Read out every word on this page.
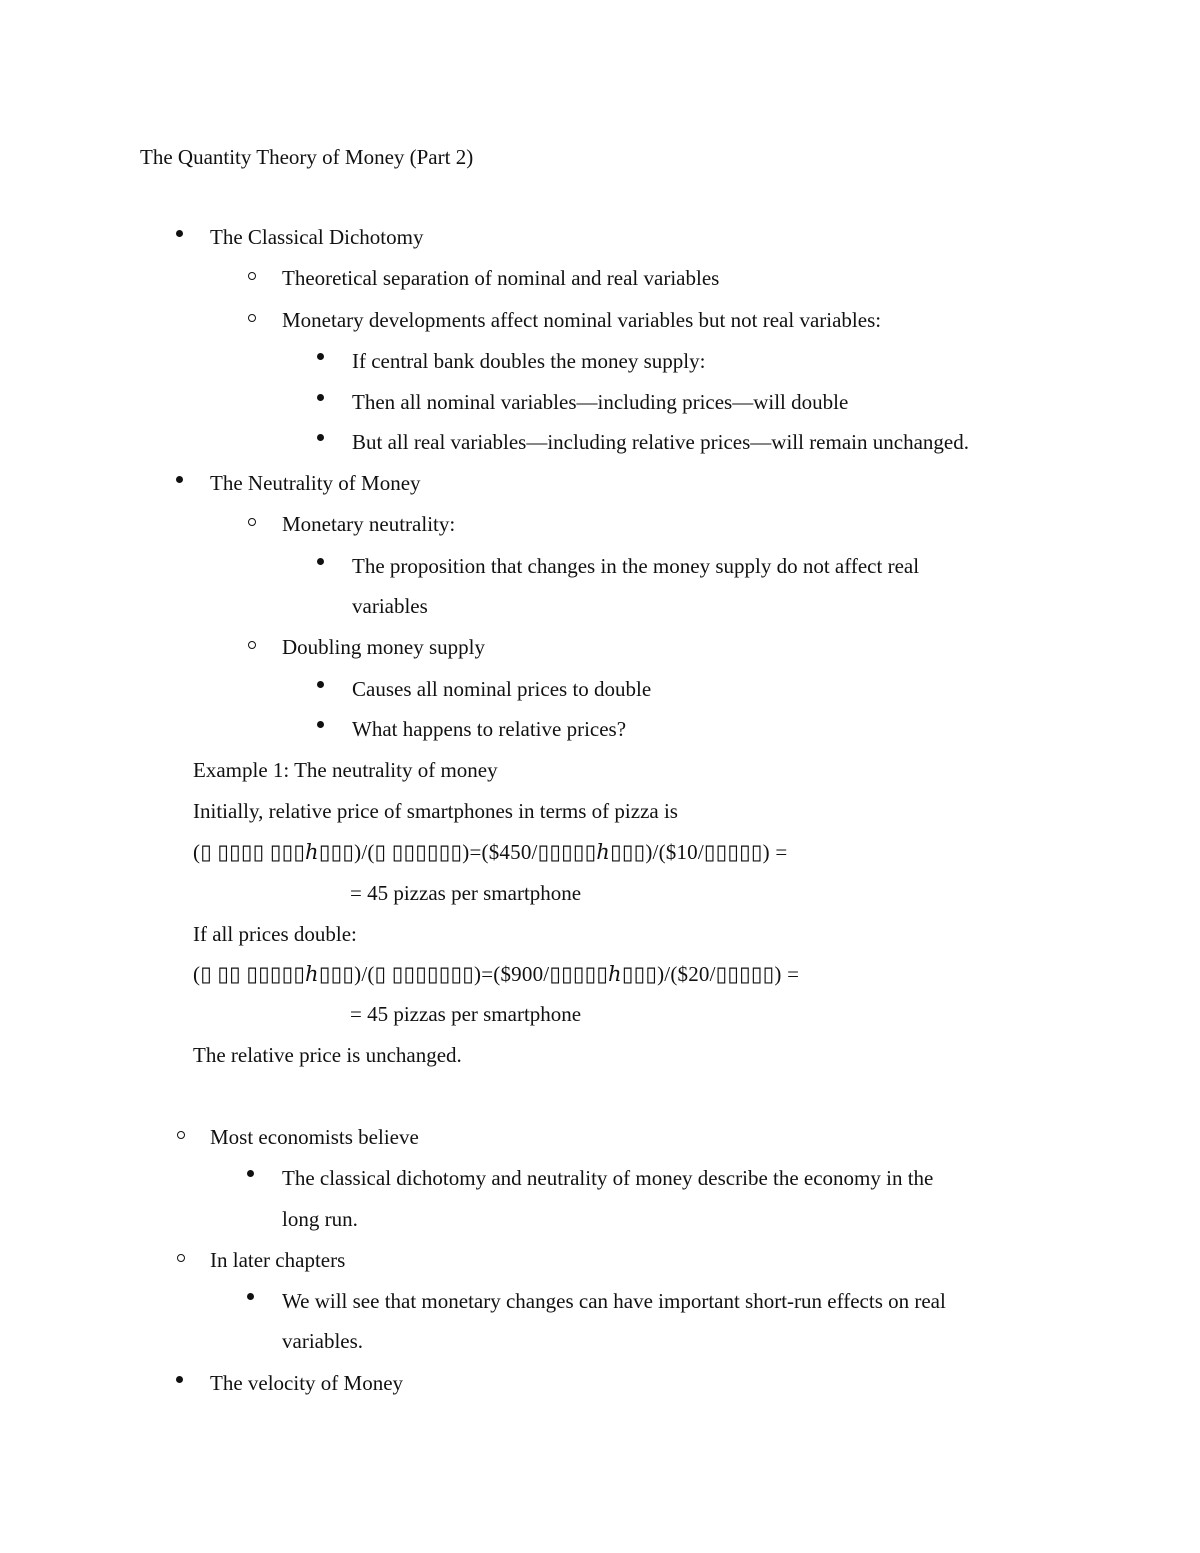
The Quantity Theory of Money (Part 2)
The Classical Dichotomy
Theoretical separation of nominal and real variables
Monetary developments affect nominal variables but not real variables:
If central bank doubles the money supply:
Then all nominal variables—including prices—will double
But all real variables—including relative prices—will remain unchanged.
The Neutrality of Money
Monetary neutrality:
The proposition that changes in the money supply do not affect real
variables
Doubling money supply
Causes all nominal prices to double
What happens to relative prices?
Example 1: The neutrality of money
Initially, relative price of smartphones in terms of pizza is
(▯ ▯▯▯▯ ▯▯▯ℎ▯▯▯)/(▯ ▯▯▯▯▯▯)=($450/▯▯▯▯▯ℎ▯▯▯)/($10/▯▯▯▯▯) =
= 45 pizzas per smartphone
If all prices double:
(▯ ▯▯ ▯▯▯▯▯ℎ▯▯▯)/(▯ ▯▯▯▯▯▯▯)=($900/▯▯▯▯▯ℎ▯▯▯)/($20/▯▯▯▯▯) =
= 45 pizzas per smartphone
The relative price is unchanged.
Most economists believe
The classical dichotomy and neutrality of money describe the economy in the
long run.
In later chapters
We will see that monetary changes can have important short-run effects on real
variables.
The velocity of Money
